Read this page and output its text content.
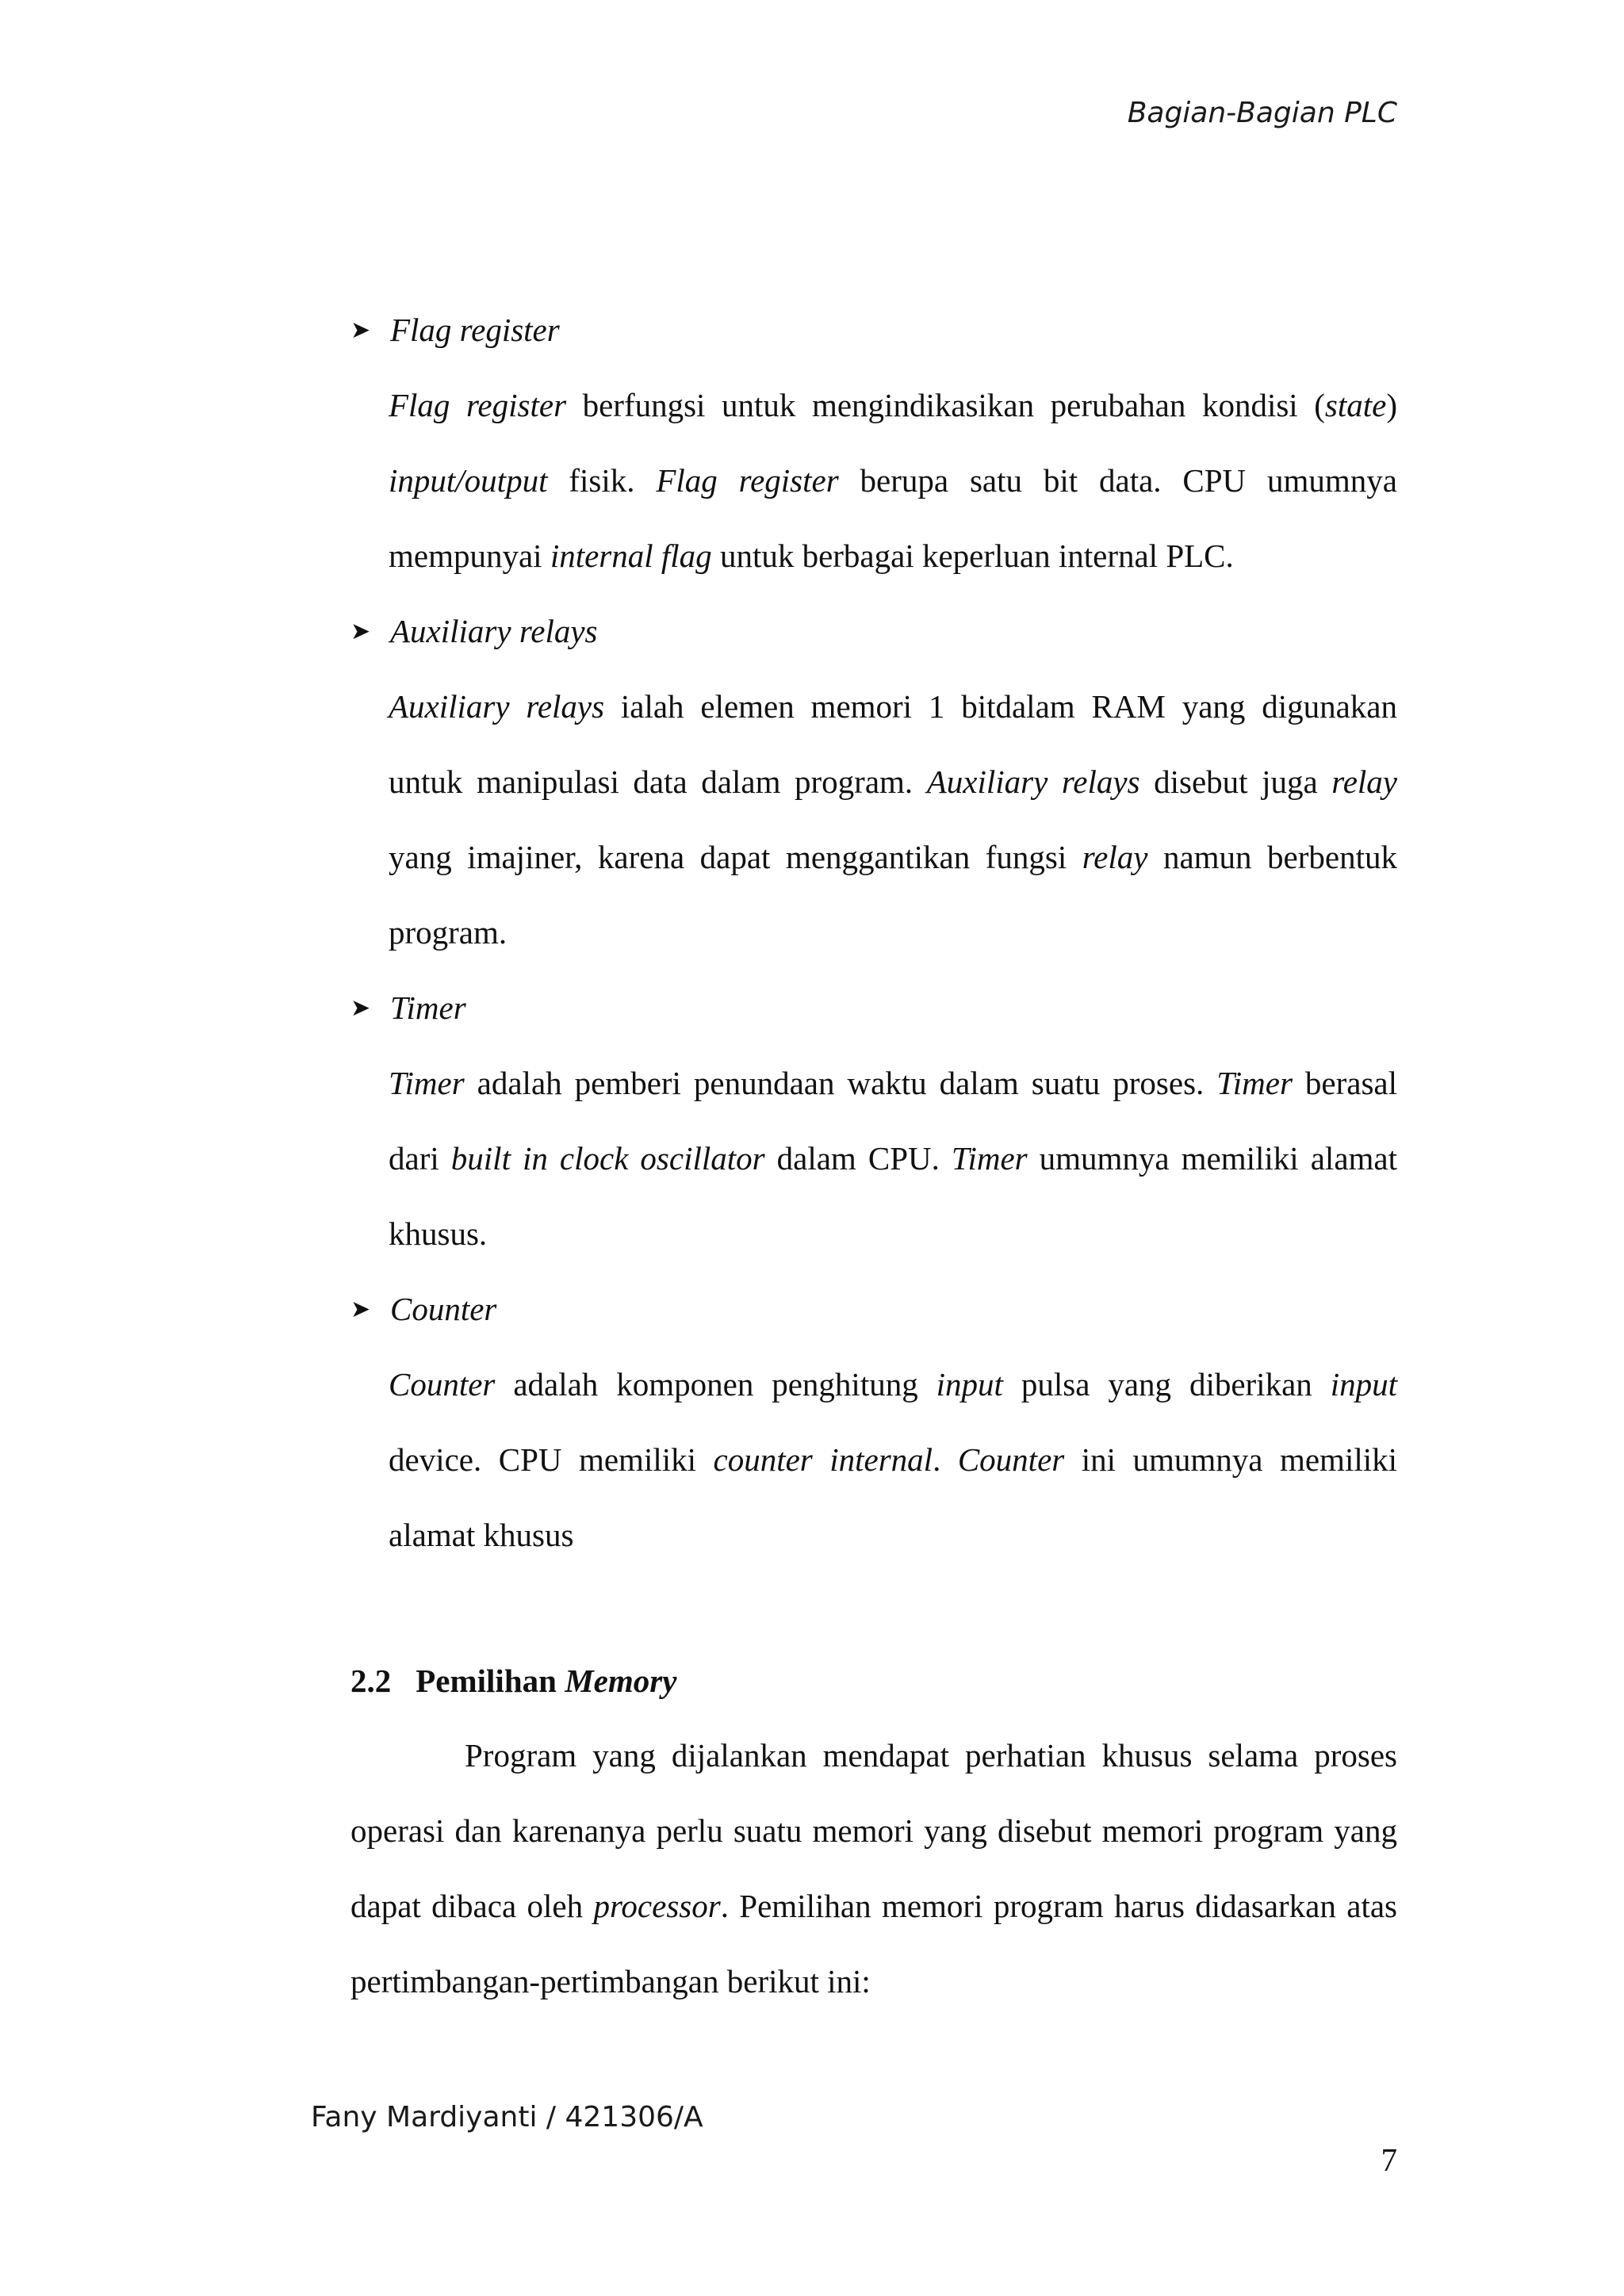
Bagian-Bagian PLC
➤ Flag register

Flag register berfungsi untuk mengindikasikan perubahan kondisi (state) input/output fisik. Flag register berupa satu bit data. CPU umumnya mempunyai internal flag untuk berbagai keperluan internal PLC.

➤ Auxiliary relays

Auxiliary relays ialah elemen memori 1 bitdalam RAM yang digunakan untuk manipulasi data dalam program. Auxiliary relays disebut juga relay yang imajiner, karena dapat menggantikan fungsi relay namun berbentuk program.

➤ Timer

Timer adalah pemberi penundaan waktu dalam suatu proses. Timer berasal dari built in clock oscillator dalam CPU. Timer umumnya memiliki alamat khusus.

➤ Counter

Counter adalah komponen penghitung input pulsa yang diberikan input device. CPU memiliki counter internal. Counter ini umumnya memiliki alamat khusus

2.2 Pemilihan Memory

Program yang dijalankan mendapat perhatian khusus selama proses operasi dan karenanya perlu suatu memori yang disebut memori program yang dapat dibaca oleh processor. Pemilihan memori program harus didasarkan atas pertimbangan-pertimbangan berikut ini:

Fany Mardiyanti / 421306/A
7
